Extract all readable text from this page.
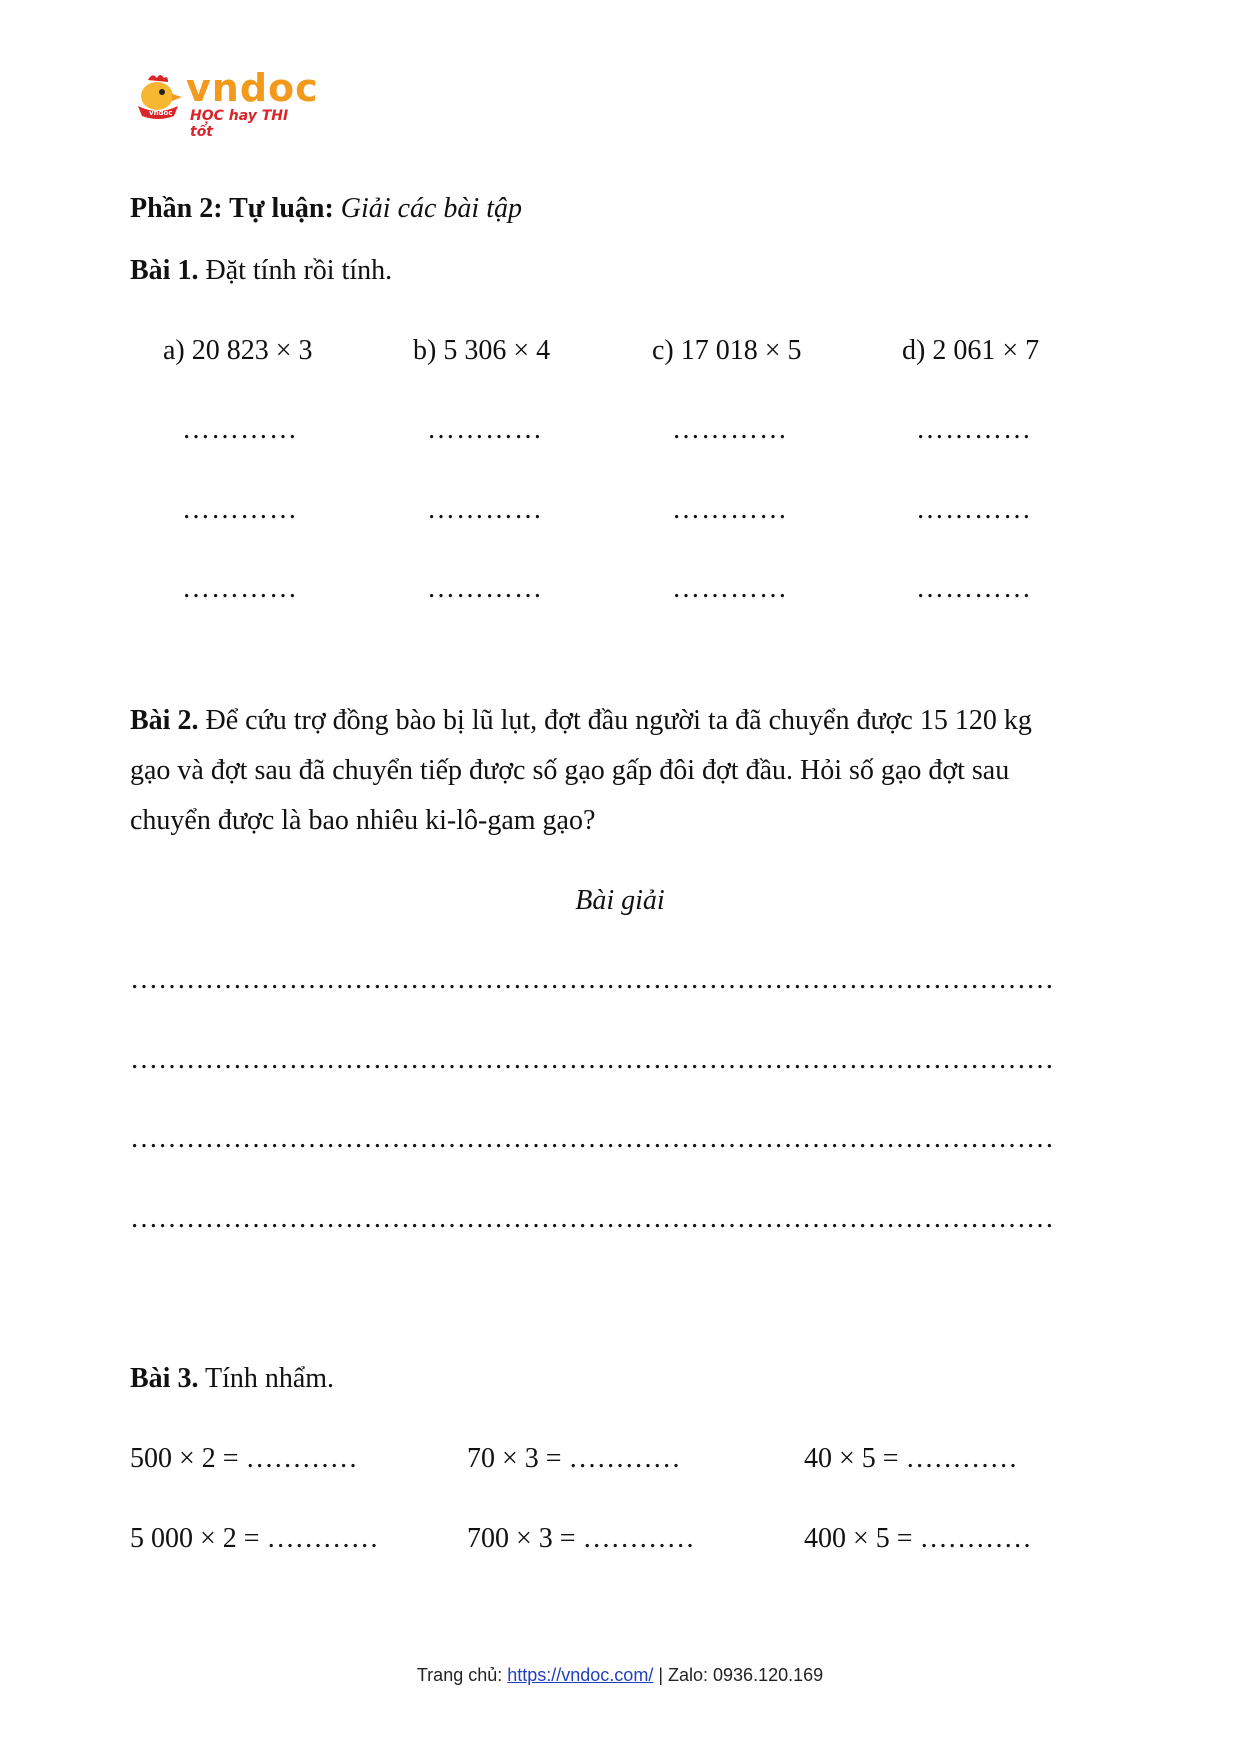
vndoc
vndoc
HỌC hay THI tốt
Phần 2: Tự luận: Giải các bài tập
Bài 1. Đặt tính rồi tính.
a) 20 823 × 3	b) 5 306 × 4	c) 17 018 × 5	d) 2 061 × 7
…………	…………	…………	…………
…………	…………	…………	…………
…………	…………	…………	…………
Bài 2. Để cứu trợ đồng bào bị lũ lụt, đợt đầu người ta đã chuyển được 15 120 kg
gạo và đợt sau đã chuyển tiếp được số gạo gấp đôi đợt đầu. Hỏi số gạo đợt sau
chuyển được là bao nhiêu ki-lô-gam gạo?
Bài giải
………………………………………………………………………………………
………………………………………………………………………………………
………………………………………………………………………………………
………………………………………………………………………………………
Bài 3. Tính nhẩm.
500 × 2 = …………	70 × 3 = …………	40 × 5 = …………
5 000 × 2 = …………	700 × 3 = …………	400 × 5 = …………
Trang chủ: https://vndoc.com/ | Zalo: 0936.120.169
